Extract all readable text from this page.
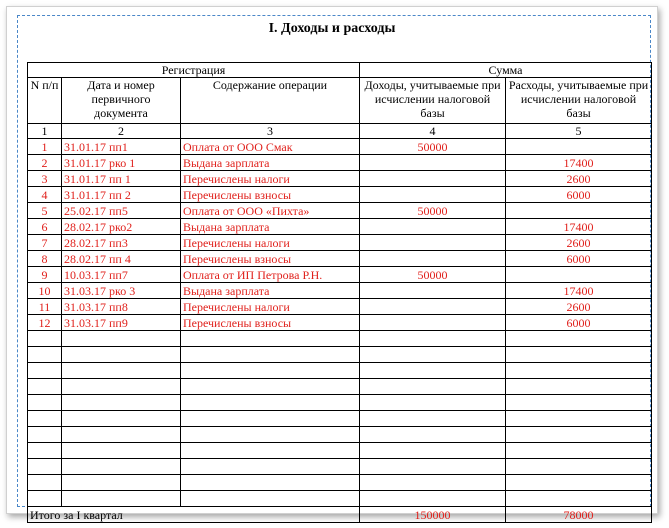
I. Доходы и расходы
Регистрация			Сумма	
N п/п	Дата и номер первичного документа	Содержание операции	Доходы, учитываемые при исчислении налоговой базы	Расходы, учитываемые при исчислении налоговой базы
1	2	3	4	5
1	31.01.17 пп1	Оплата от ООО Смак	50000	
2	31.01.17 рко 1	Выдана зарплата		17400
3	31.01.17 пп 1	Перечислены налоги		2600
4	31.01.17 пп 2	Перечислены взносы		6000
5	25.02.17 пп5	Оплата от ООО «Пихта»	50000	
6	28.02.17 рко2	Выдана зарплата		17400
7	28.02.17 пп3	Перечислены налоги		2600
8	28.02.17 пп 4	Перечислены взносы		6000
9	10.03.17 пп7	Оплата от ИП Петрова Р.Н.	50000	
10	31.03.17 рко 3	Выдана зарплата		17400
11	31.03.17 пп8	Перечислены налоги		2600
12	31.03.17 пп9	Перечислены взносы		6000

Итого за I квартал			150000	78000
